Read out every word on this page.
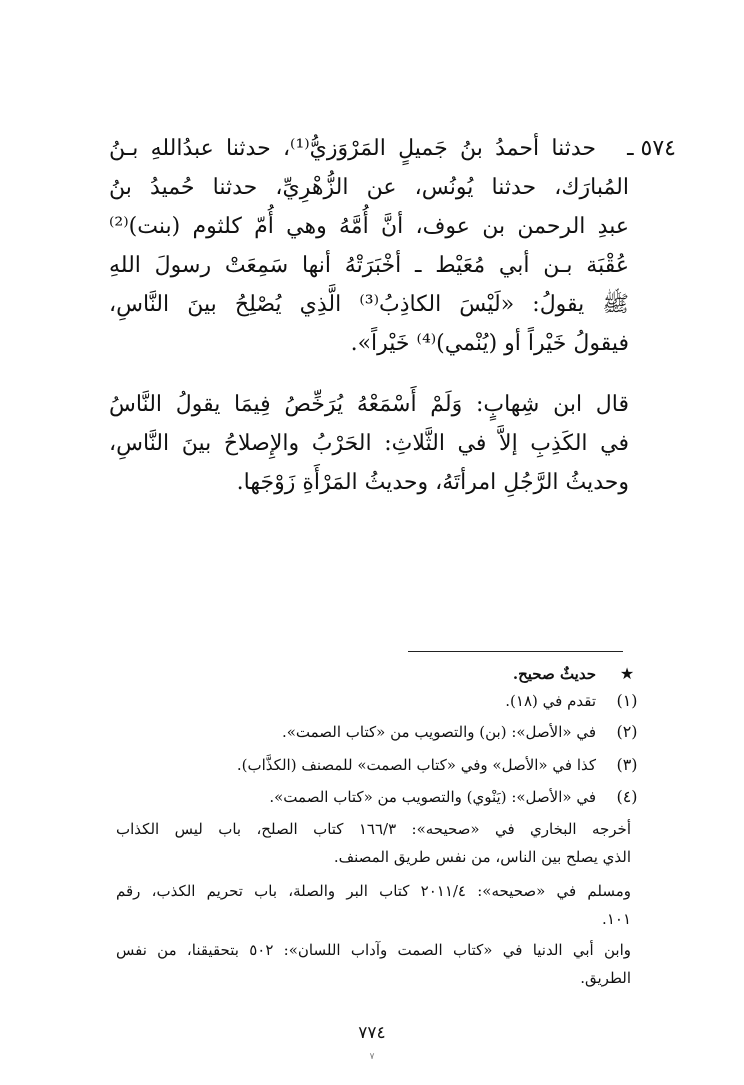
٥٧٤ ـ
حدثنا أحمدُ بنُ جَميلٍ المَرْوَزيُّ⁽¹⁾، حدثنا عبدُاللهِ بـنُ
المُبارَك، حدثنا يُونُس، عن الزُّهْرِيِّ، حدثنا حُميدُ بنُ
عبدِ الرحمن بن عوف، أنَّ أُمَّهُ وهي أُمّ كلثوم (بنت)⁽²⁾
عُقْبَة بـن أبي مُعَيْط ـ أخْبَرَتْهُ أنها سَمِعَتْ رسولَ اللهِ
ﷺ يقولُ: «لَيْسَ الكاذِبُ⁽³⁾ الَّذِي يُصْلِحُ بينَ النَّاسِ،
فيقولُ خَيْراً أو (يُنْمي)⁽⁴⁾ خَيْراً».
قال ابن شِهابٍ: وَلَمْ أَسْمَعْهُ يُرَخِّصُ فِيمَا يقولُ النَّاسُ
في الكَذِبِ إلاَّ في الثَّلاثِ: الحَرْبُ والإِصلاحُ بينَ النَّاسِ،
وحديثُ الرَّجُلِ امرأتَهُ، وحديثُ المَرْأَةِ زَوْجَها.
★
حديثٌ صحيح.
(١)
تقدم في (١٨).
(٢)
في «الأصل»: (بن) والتصويب من «كتاب الصمت».
(٣)
كذا في «الأصل» وفي «كتاب الصمت» للمصنف (الكذَّاب).
(٤)
في «الأصل»: (يَنْوي) والتصويب من «كتاب الصمت».
أخرجه البخاري في «صحيحه»: ١٦٦/٣ كتاب الصلح، باب ليس الكذاب
الذي يصلح بين الناس، من نفس طريق المصنف.
ومسلم في «صحيحه»: ٢٠١١/٤ كتاب البر والصلة، باب تحريم الكذب، رقم
١٠١.
وابن أبي الدنيا في «كتاب الصمت وآداب اللسان»: ٥٠٢ بتحقيقنا، من نفس
الطريق.
٧٧٤
٧
